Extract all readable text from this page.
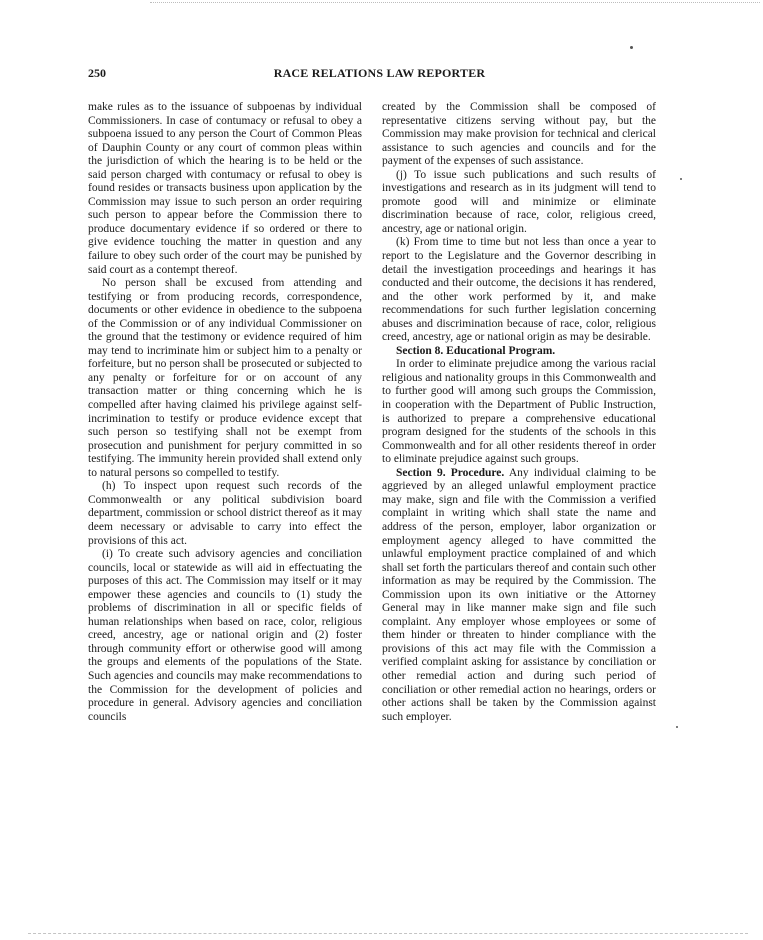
250	RACE RELATIONS LAW REPORTER

make rules as to the issuance of subpoenas by individual Commissioners. In case of contumacy or refusal to obey a subpoena issued to any person the Court of Common Pleas of Dauphin County or any court of common pleas within the jurisdiction of which the hearing is to be held or the said person charged with contumacy or refusal to obey is found resides or transacts business upon application by the Commission may issue to such person an order requiring such person to appear before the Commission there to produce documentary evidence if so ordered or there to give evidence touching the matter in question and any failure to obey such order of the court may be punished by said court as a contempt thereof.

No person shall be excused from attending and testifying or from producing records, correspondence, documents or other evidence in obedience to the subpoena of the Commission or of any individual Commissioner on the ground that the testimony or evidence required of him may tend to incriminate him or subject him to a penalty or forfeiture, but no person shall be prosecuted or subjected to any penalty or forfeiture for or on account of any transaction matter or thing concerning which he is compelled after having claimed his privilege against self-incrimination to testify or produce evidence except that such person so testifying shall not be exempt from prosecution and punishment for perjury committed in so testifying. The immunity herein provided shall extend only to natural persons so compelled to testify.

(h) To inspect upon request such records of the Commonwealth or any political subdivision board department, commission or school district thereof as it may deem necessary or advisable to carry into effect the provisions of this act.

(i) To create such advisory agencies and conciliation councils, local or statewide as will aid in effectuating the purposes of this act. The Commission may itself or it may empower these agencies and councils to (1) study the problems of discrimination in all or specific fields of human relationships when based on race, color, religious creed, ancestry, age or national origin and (2) foster through community effort or otherwise good will among the groups and elements of the populations of the State. Such agencies and councils may make recommendations to the Commission for the development of policies and procedure in general. Advisory agencies and conciliation councils

created by the Commission shall be composed of representative citizens serving without pay, but the Commission may make provision for technical and clerical assistance to such agencies and councils and for the payment of the expenses of such assistance.

(j) To issue such publications and such results of investigations and research as in its judgment will tend to promote good will and minimize or eliminate discrimination because of race, color, religious creed, ancestry, age or national origin.

(k) From time to time but not less than once a year to report to the Legislature and the Governor describing in detail the investigation proceedings and hearings it has conducted and their outcome, the decisions it has rendered, and the other work performed by it, and make recommendations for such further legislation concerning abuses and discrimination because of race, color, religious creed, ancestry, age or national origin as may be desirable.

Section 8. Educational Program.

In order to eliminate prejudice among the various racial religious and nationality groups in this Commonwealth and to further good will among such groups the Commission, in cooperation with the Department of Public Instruction, is authorized to prepare a comprehensive educational program designed for the students of the schools in this Commonwealth and for all other residents thereof in order to eliminate prejudice against such groups.

Section 9. Procedure. Any individual claiming to be aggrieved by an alleged unlawful employment practice may make, sign and file with the Commission a verified complaint in writing which shall state the name and address of the person, employer, labor organization or employment agency alleged to have committed the unlawful employment practice complained of and which shall set forth the particulars thereof and contain such other information as may be required by the Commission. The Commission upon its own initiative or the Attorney General may in like manner make sign and file such complaint. Any employer whose employees or some of them hinder or threaten to hinder compliance with the provisions of this act may file with the Commission a verified complaint asking for assistance by conciliation or other remedial action and during such period of conciliation or other remedial action no hearings, orders or other actions shall be taken by the Commission against such employer.
